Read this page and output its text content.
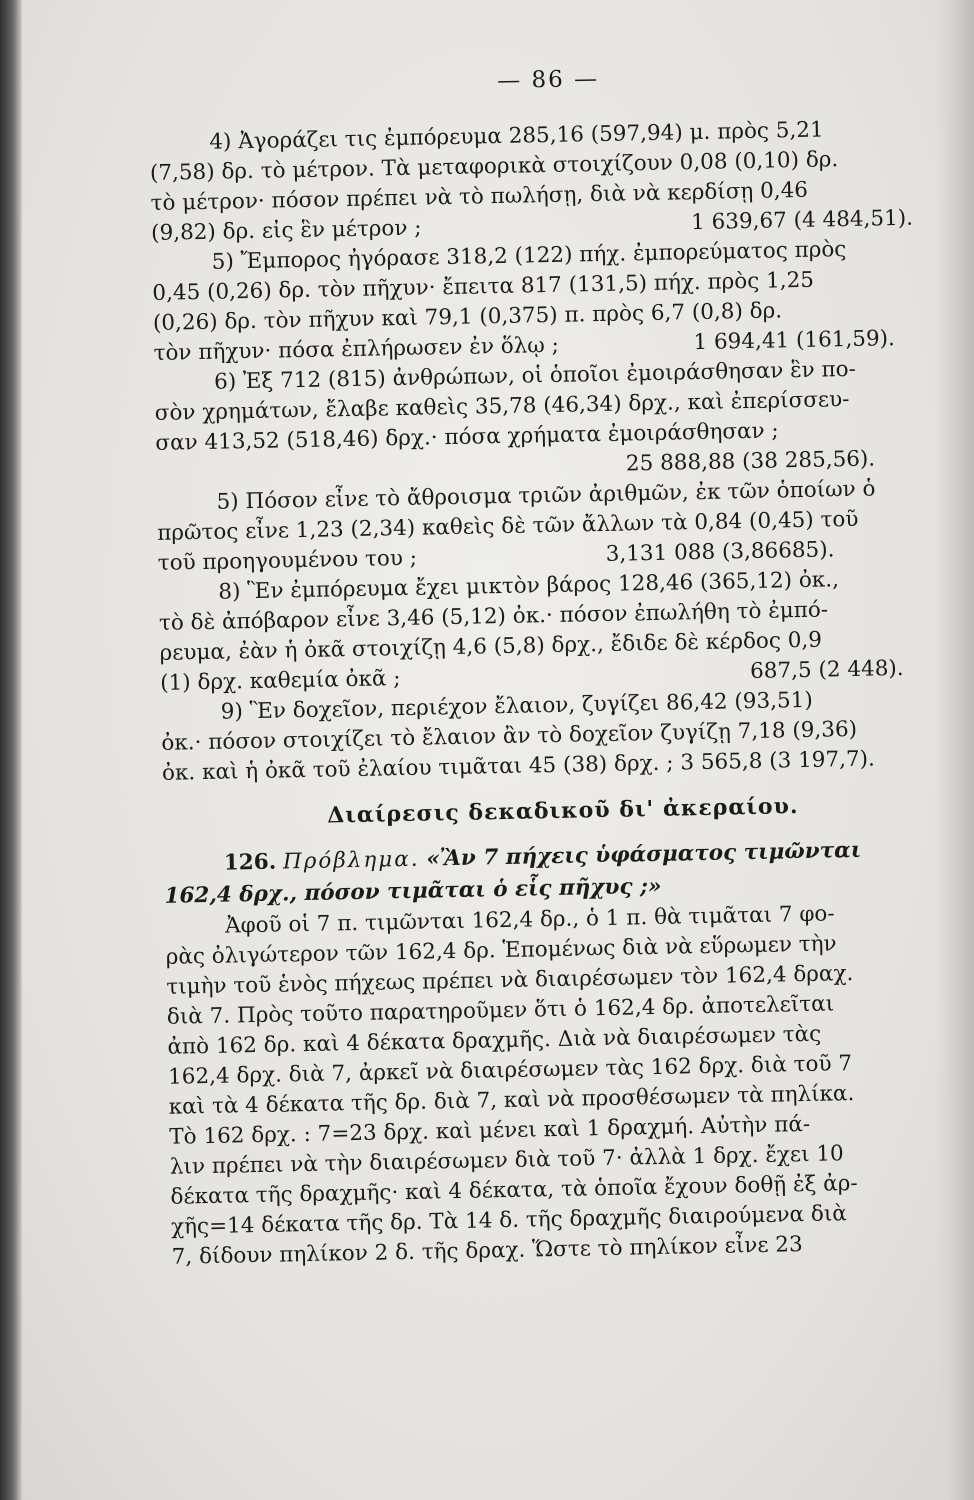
— 86 —
4) Ἀγοράζει τις ἐμπόρευμα 285,16 (597,94) μ. πρὸς 5,21
(7,58) δρ. τὸ μέτρον. Τὰ μεταφορικὰ στοιχίζουν 0,08 (0,10) δρ.
τὸ μέτρον· πόσον πρέπει νὰ τὸ πωλήσῃ, διὰ νὰ κερδίσῃ 0,46
(9,82) δρ. εἰς ἓν μέτρον ;	1 639,67 (4 484,51).
5) Ἔμπορος ἠγόρασε 318,2 (122) πήχ. ἐμπορεύματος πρὸς
0,45 (0,26) δρ. τὸν πῆχυν· ἔπειτα 817 (131,5) πήχ. πρὸς 1,25
(0,26) δρ. τὸν πῆχυν καὶ 79,1 (0,375) π. πρὸς 6,7 (0,8) δρ.
τὸν πῆχυν· πόσα ἐπλήρωσεν ἐν ὅλῳ ;	1 694,41 (161,59).
6) Ἐξ 712 (815) ἀνθρώπων, οἱ ὁποῖοι ἐμοιράσθησαν ἓν πο-
σὸν χρημάτων, ἔλαβε καθεὶς 35,78 (46,34) δρχ., καὶ ἐπερίσσευ-
σαν 413,52 (518,46) δρχ.· πόσα χρήματα ἐμοιράσθησαν ;
25 888,88 (38 285,56).
5) Πόσον εἶνε τὸ ἄθροισμα τριῶν ἀριθμῶν, ἐκ τῶν ὁποίων ὁ
πρῶτος εἶνε 1,23 (2,34) καθεὶς δὲ τῶν ἄλλων τὰ 0,84 (0,45) τοῦ
τοῦ προηγουμένου του ;	3,131 088 (3,86685).
8) Ἓν ἐμπόρευμα ἔχει μικτὸν βάρος 128,46 (365,12) ὀκ.,
τὸ δὲ ἀπόβαρον εἶνε 3,46 (5,12) ὀκ.· πόσον ἐπωλήθη τὸ ἐμπό-
ρευμα, ἐὰν ἡ ὀκᾶ στοιχίζῃ 4,6 (5,8) δρχ., ἔδιδε δὲ κέρδος 0,9
(1) δρχ. καθεμία ὀκᾶ ;	687,5 (2 448).
9) Ἓν δοχεῖον, περιέχον ἔλαιον, ζυγίζει 86,42 (93,51)
ὀκ.· πόσον στοιχίζει τὸ ἔλαιον ἂν τὸ δοχεῖον ζυγίζῃ 7,18 (9,36)
ὀκ. καὶ ἡ ὀκᾶ τοῦ ἐλαίου τιμᾶται 45 (38) δρχ. ; 3 565,8 (3 197,7).
Διαίρεσις δεκαδικοῦ δι' ἀκεραίου.
126. Πρόβλημα. «Ἂν 7 πήχεις ὑφάσματος τιμῶνται
162,4 δρχ., πόσον τιμᾶται ὁ εἷς πῆχυς ;»
Ἀφοῦ οἱ 7 π. τιμῶνται 162,4 δρ., ὁ 1 π. θὰ τιμᾶται 7 φο-
ρὰς ὀλιγώτερον τῶν 162,4 δρ. Ἑπομένως διὰ νὰ εὕρωμεν τὴν
τιμὴν τοῦ ἑνὸς πήχεως πρέπει νὰ διαιρέσωμεν τὸν 162,4 δραχ.
διὰ 7. Πρὸς τοῦτο παρατηροῦμεν ὅτι ὁ 162,4 δρ. ἀποτελεῖται
ἀπὸ 162 δρ. καὶ 4 δέκατα δραχμῆς. Διὰ νὰ διαιρέσωμεν τὰς
162,4 δρχ. διὰ 7, ἀρκεῖ νὰ διαιρέσωμεν τὰς 162 δρχ. διὰ τοῦ 7
καὶ τὰ 4 δέκατα τῆς δρ. διὰ 7, καὶ νὰ προσθέσωμεν τὰ πηλίκα.
Τὸ 162 δρχ. : 7=23 δρχ. καὶ μένει καὶ 1 δραχμή. Αὐτὴν πά-
λιν πρέπει νὰ τὴν διαιρέσωμεν διὰ τοῦ 7· ἀλλὰ 1 δρχ. ἔχει 10
δέκατα τῆς δραχμῆς· καὶ 4 δέκατα, τὰ ὁποῖα ἔχουν δοθῇ ἐξ ἀρ-
χῆς=14 δέκατα τῆς δρ. Τὰ 14 δ. τῆς δραχμῆς διαιρούμενα διὰ
7, δίδουν πηλίκον 2 δ. τῆς δραχ. Ὥστε τὸ πηλίκον εἶνε 23
